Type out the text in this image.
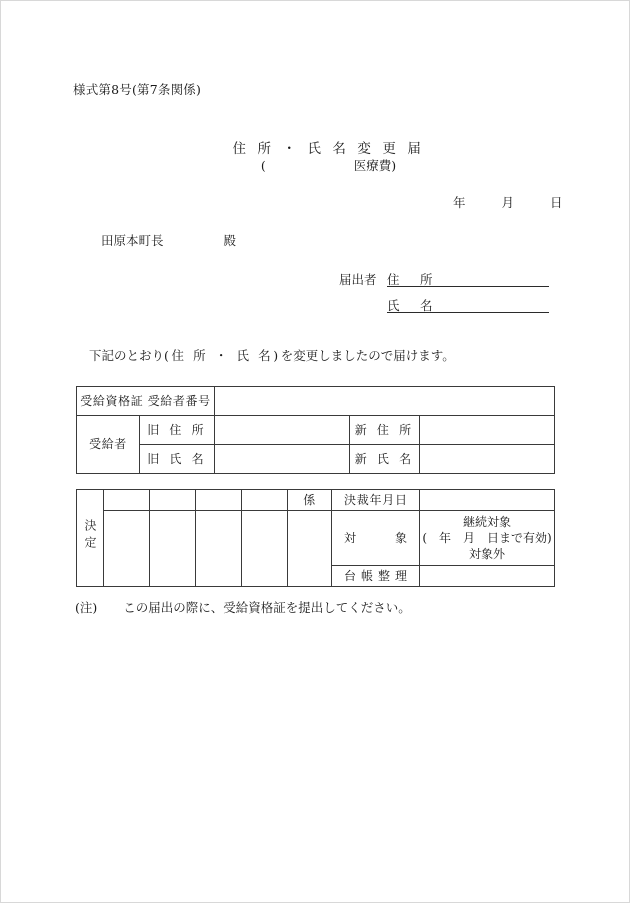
様式第8号(第7条関係)
住 所 ・ 氏 名 変 更 届
(	医療費)
年	月	日
田原本町長	殿
届出者 住　所
氏　名
下記のとおり(住 所 ・ 氏 名)を変更しましたので届けます。
受給資格証 受給者番号				
受給者	旧 住 所		新 住 所	
	旧 氏 名		新 氏 名	
決定					係	決裁年月日	

						対象	継続対象
(　年　月　日まで有効)
対象外

						台帳整理	

(注) この届出の際に、受給資格証を提出してください。
